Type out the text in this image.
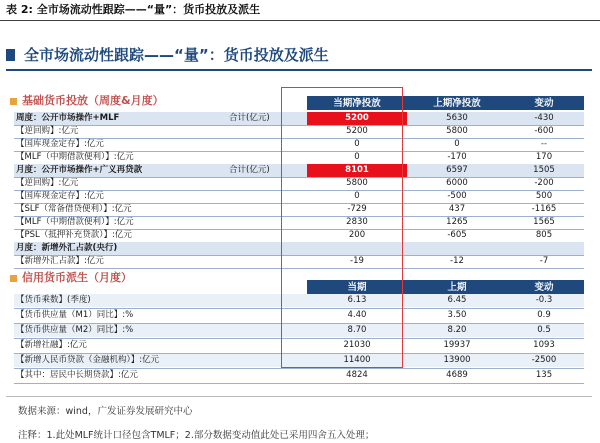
表 2: 全市场流动性跟踪——“量”：货币投放及派生
全市场流动性跟踪——“量”：货币投放及派生
基础货币投放（周度&月度）	当期净投放	上期净投放	变动
周度：公开市场操作+MLF	合计(亿元)	5200	5630	-430
【逆回购】:亿元	5200	5800	-600
【国库现金定存】:亿元	0	0	--
【MLF（中期借款便利）】:亿元	0	-170	170
月度：公开市场操作+广义再贷款	合计(亿元)	8101	6597	1505
【逆回购】:亿元	5800	6000	-200
【国库现金定存】:亿元	0	-500	500
【SLF（常备借贷便利）】:亿元	-729	437	-1165
【MLF（中期借款便利）】:亿元	2830	1265	1565
【PSL（抵押补充贷款）】:亿元	200	-605	805
月度：新增外汇占款(央行)
【新增外汇占款】:亿元	-19	-12	-7
信用货币派生（月度）
当期	上期	变动
【货币乘数】(季度)	6.13	6.45	-0.3
【货币供应量（M1）同比】:%	4.40	3.50	0.9
【货币供应量（M2）同比】:%	8.70	8.20	0.5
【新增社融】:亿元	21030	19937	1093
【新增人民币贷款（金融机构）】:亿元	11400	13900	-2500
【其中：居民中长期贷款】:亿元	4824	4689	135
数据来源：wind，广发证券发展研究中心
注释：1.此处MLF统计口径包含TMLF；2.部分数据变动值此处已采用四舍五入处理；
